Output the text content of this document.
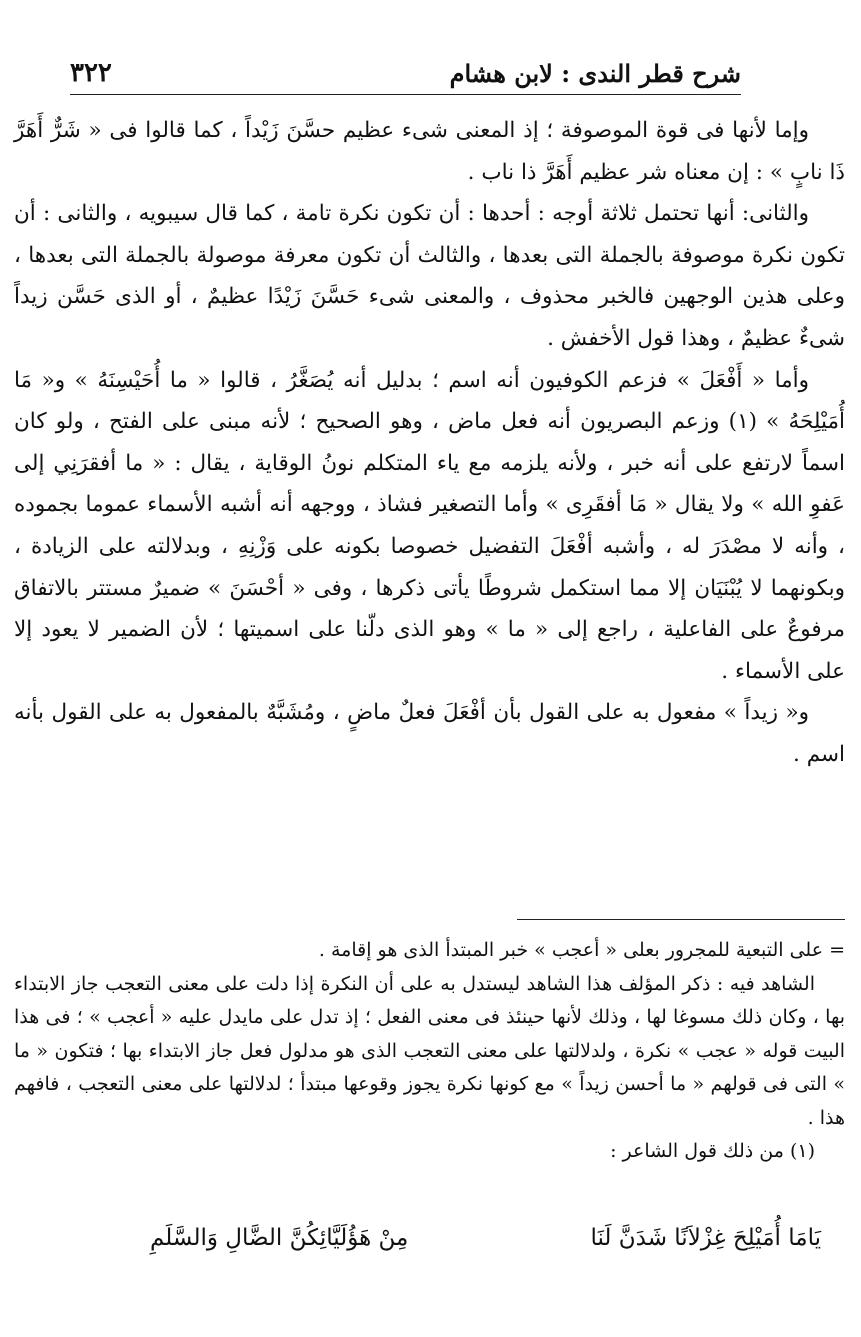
شرح قطر الندى : لابن هشام
٣٢٢

وإما لأنها فى قوة الموصوفة ؛ إذ المعنى شىء عظيم حسَّنَ زَيْداً ، كما قالوا فى « شَرٌّ أَهَرَّ ذَا نابٍ » : إن معناه شر عظيم أَهَرَّ ذا ناب .

والثانى: أنها تحتمل ثلاثة أوجه : أحدها : أن تكون نكرة تامة ، كما قال سيبويه ، والثانى : أن تكون نكرة موصوفة بالجملة التى بعدها ، والثالث أن تكون معرفة موصولة بالجملة التى بعدها ، وعلى هذين الوجهين فالخبر محذوف ، والمعنى شىء حَسَّنَ زَيْدًا عظيمٌ ، أو الذى حَسَّن زيداً شىءٌ عظيمٌ ، وهذا قول الأخفش .

وأما « أَفْعَلَ » فزعم الكوفيون أنه اسم ؛ بدليل أنه يُصَغَّرُ ، قالوا « ما أُحَيْسِنَهُ » و« مَا أُمَيْلِحَهُ » (١) وزعم البصريون أنه فعل ماض ، وهو الصحيح ؛ لأنه مبنى على الفتح ، ولو كان اسماً لارتفع على أنه خبر ، ولأنه يلزمه مع ياء المتكلم نونُ الوقاية ، يقال : « ما أفقرَنِي إلى عَفوِ الله » ولا يقال « مَا أفقَرِى » وأما التصغير فشاذ ، ووجهه أنه أشبه الأسماء عموما بجموده ، وأنه لا مصْدَرَ له ، وأشبه أفْعَلَ التفضيل خصوصا بكونه على وَزْنِهِ ، وبدلالته على الزيادة ، وبكونهما لا يُبْنَيَان إلا مما استكمل شروطًا يأتى ذكرها ، وفى « أحْسَنَ » ضميرٌ مستتر بالاتفاق مرفوعٌ على الفاعلية ، راجع إلى « ما » وهو الذى دلّنا على اسميتها ؛ لأن الضمير لا يعود إلا على الأسماء .

و« زيداً » مفعول به على القول بأن أفْعَلَ فعلٌ ماضٍ ، ومُشَبَّهٌ بالمفعول به على القول بأنه اسم .

= على التبعية للمجرور بعلى « أعجب » خبر المبتدأ الذى هو إقامة .

الشاهد فيه : ذكر المؤلف هذا الشاهد ليستدل به على أن النكرة إذا دلت على معنى التعجب جاز الابتداء بها ، وكان ذلك مسوغا لها ، وذلك لأنها حينئذ فى معنى الفعل ؛ إذ تدل على مايدل عليه « أعجب » ؛ فى هذا البيت قوله « عجب » نكرة ، ولدلالتها على معنى التعجب الذى هو مدلول فعل جاز الابتداء بها ؛ فتكون « ما » التى فى قولهم « ما أحسن زيداً » مع كونها نكرة يجوز وقوعها مبتدأ ؛ لدلالتها على معنى التعجب ، فافهم هذا .

(١) من ذلك قول الشاعر :

يَامَا أُمَيْلِحَ غِزْلاَنًا شَدَنَّ لَنَا
مِنْ هَؤُلَيَّائِكُنَّ الضَّالِ وَالسَّلَمِ
